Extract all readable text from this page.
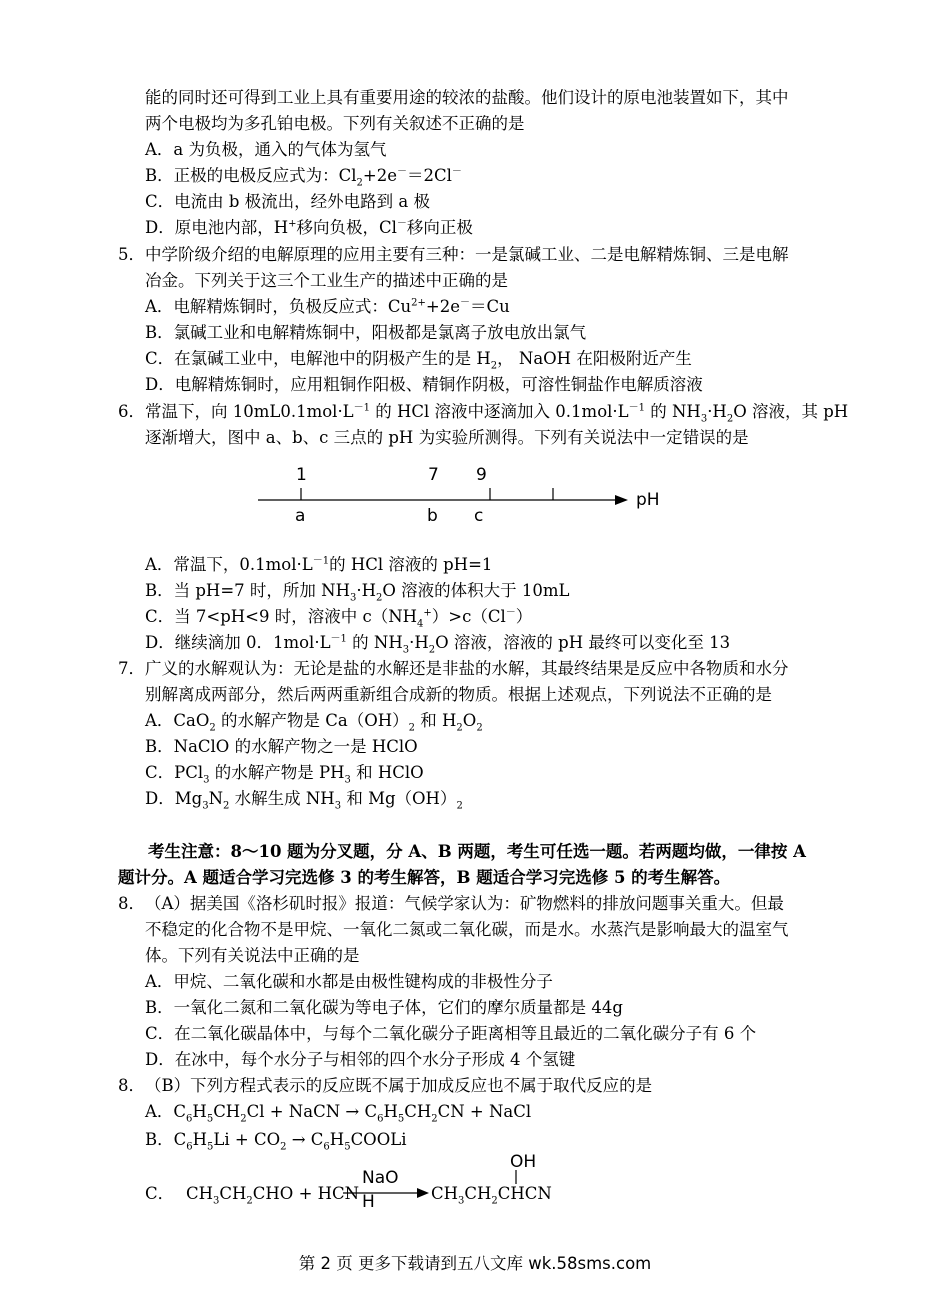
能的同时还可得到工业上具有重要用途的较浓的盐酸。他们设计的原电池装置如下，其中
两个电极均为多孔铂电极。下列有关叙述不正确的是
A．a 为负极，通入的气体为氢气
B．正极的电极反应式为：$Cl_2+2e^-=2Cl^-$
C．电流由 b 极流出，经外电路到 a 极
D．原电池内部，H+移向负极，Cl－移向正极
5． 中学阶级介绍的电解原理的应用主要有三种：一是氯碱工业、二是电解精炼铜、三是电解
冶金。下列关于这三个工业生产的描述中正确的是
A．电解精炼铜时，负极反应式：$Cu^{2+}+2e^-=Cu$
B．氯碱工业和电解精炼铜中，阳极都是氯离子放电放出氯气
C．在氯碱工业中，电解池中的阴极产生的是 $H_2$， NaOH 在阳极附近产生
D．电解精炼铜时，应用粗铜作阳极、精铜作阴极，可溶性铜盐作电解质溶液
6． 常温下，向 $10mL0.1mol\cdot L^{-1}$ 的 HCl 溶液中逐滴加入 $0.1mol\cdot L^{-1}$ 的 $NH_3\cdot H_2O$ 溶液，其 pH
逐渐增大，图中 a、b、c 三点的 pH 为实验所测得。下列有关说法中一定错误的是
1	7 9
a	b c
pH
A．常温下，$0.1mol\cdot L^{-1}$的 HCl 溶液的 pH=1
B．当 pH=7 时，所加 $NH_3\cdot H_2O$ 溶液的体积大于 10mL
C．当 7<pH<9 时，溶液中 $c(NH_4^+)>c(Cl^-)$
D．继续滴加 0．$1mol\cdot L^{-1}$ 的 $NH_3\cdot H_2O$ 溶液，溶液的 pH 最终可以变化至 13
7． 广义的水解观认为：无论是盐的水解还是非盐的水解，其最终结果是反应中各物质和水分
别解离成两部分，然后两两重新组合成新的物质。根据上述观点，下列说法不正确的是
A．CaO$_2$ 的水解产物是 $Ca(OH)_2$ 和 $H_2O_2$
B．NaClO 的水解产物之一是 HClO
C．PCl$_3$ 的水解产物是 $PH_3$ 和 HClO
D．$Mg_3N_2$ 水解生成 $NH_3$ 和 $Mg(OH)_2$
考生注意：8～10 题为分叉题，分 A、B 两题，考生可任选一题。若两题均做，一律按 A
题计分。A 题适合学习完选修 3 的考生解答，B 题适合学习完选修 5 的考生解答。
8． （A）据美国《洛杉矶时报》报道：气候学家认为：矿物燃料的排放问题事关重大。但最
不稳定的化合物不是甲烷、一氧化二氮或二氧化碳，而是水。水蒸汽是影响最大的温室气
体。下列有关说法中正确的是
A．甲烷、二氧化碳和水都是由极性键构成的非极性分子
B．一氧化二氮和二氧化碳为等电子体，它们的摩尔质量都是 44g
C．在二氧化碳晶体中，与每个二氧化碳分子距离相等且最近的二氧化碳分子有 6 个
D．在冰中，每个水分子与相邻的四个水分子形成 4 个氢键
8． （B）下列方程式表示的反应既不属于加成反应也不属于取代反应的是
A．$C_6H_5CH_2Cl$ + NaCN → $C_6H_5CH_2CN$ + NaCl
B．$C_6H_5Li + CO_2$ → $C_6H_5COOLi$
C． $CH_3CH_2CHO$ + HCN
NaO
H	$CH_3CH_2CHCN$
OH
第 2 页 更多下载请到五八文库 wk.58sms.com
